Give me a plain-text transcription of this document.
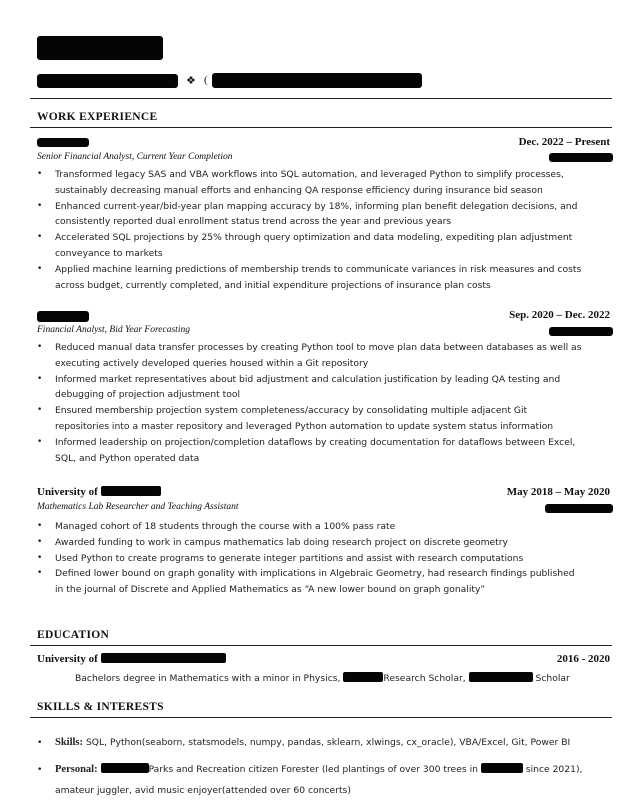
❖ (
WORK EXPERIENCE
Dec. 2022 – Present
Senior Financial Analyst, Current Year Completion
• Transformed legacy SAS and VBA workflows into SQL automation, and leveraged Python to simplify processes, sustainably decreasing manual efforts and enhancing QA response efficiency during insurance bid season
• Enhanced current-year/bid-year plan mapping accuracy by 18%, informing plan benefit delegation decisions, and consistently reported dual enrollment status trend across the year and previous years
• Accelerated SQL projections by 25% through query optimization and data modeling, expediting plan adjustment conveyance to markets
• Applied machine learning predictions of membership trends to communicate variances in risk measures and costs across budget, currently completed, and initial expenditure projections of insurance plan costs
Sep. 2020 – Dec. 2022
Financial Analyst, Bid Year Forecasting
• Reduced manual data transfer processes by creating Python tool to move plan data between databases as well as executing actively developed queries housed within a Git repository
• Informed market representatives about bid adjustment and calculation justification by leading QA testing and debugging of projection adjustment tool
• Ensured membership projection system completeness/accuracy by consolidating multiple adjacent Git repositories into a master repository and leveraged Python automation to update system status information
• Informed leadership on projection/completion dataflows by creating documentation for dataflows between Excel, SQL, and Python operated data
University of	May 2018 – May 2020
Mathematics Lab Researcher and Teaching Assistant
• Managed cohort of 18 students through the course with a 100% pass rate
• Awarded funding to work in campus mathematics lab doing research project on discrete geometry
• Used Python to create programs to generate integer partitions and assist with research computations
• Defined lower bound on graph gonality with implications in Algebraic Geometry, had research findings published in the journal of Discrete and Applied Mathematics as “A new lower bound on graph gonality”
EDUCATION
University of	2016 - 2020
Bachelors degree in Mathematics with a minor in Physics,	Research Scholar,	Scholar
SKILLS & INTERESTS
• Skills: SQL, Python(seaborn, statsmodels, numpy, pandas, sklearn, xlwings, cx_oracle), VBA/Excel, Git, Power BI
• Personal:	Parks and Recreation citizen Forester (led plantings of over 300 trees in	since 2021), amateur juggler, avid music enjoyer(attended over 60 concerts)
